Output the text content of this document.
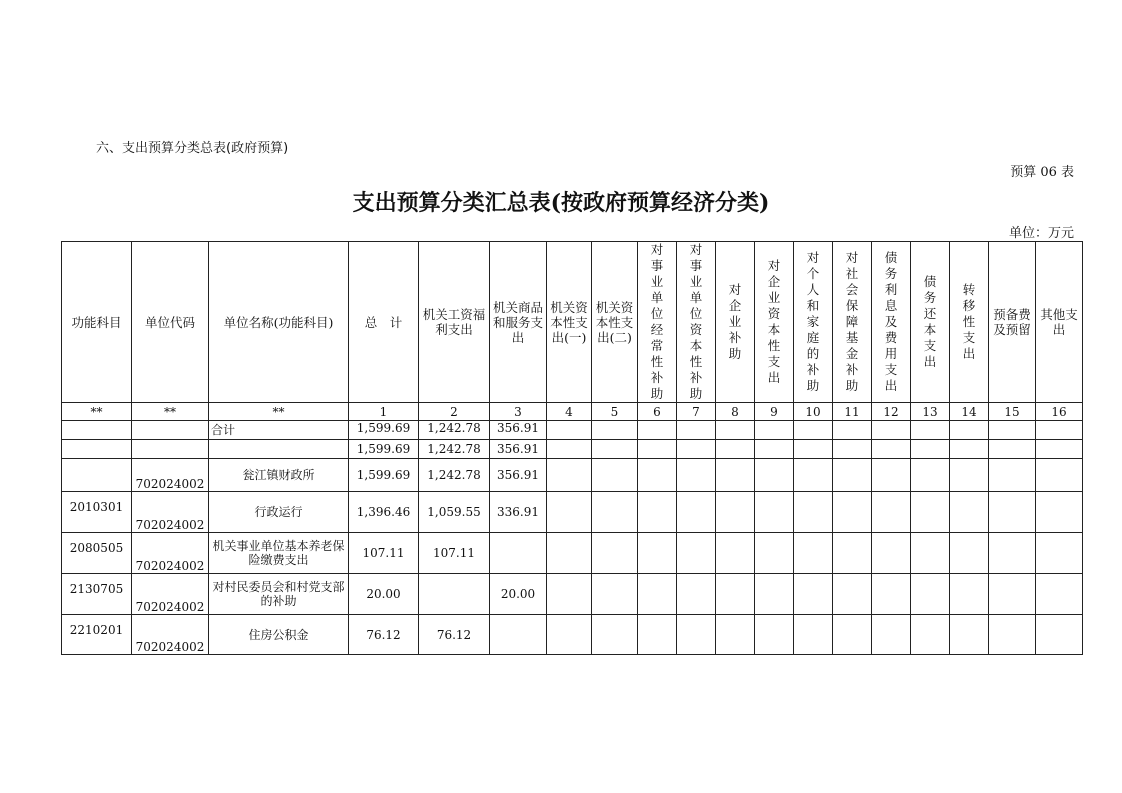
六、支出预算分类总表(政府预算)
预算 06 表
支出预算分类汇总表(按政府预算经济分类)
单位：万元
功能科目	单位代码	单位名称(功能科目)	总　计	机关工资福利支出	机关商品和服务支出	机关资本性支出(一)	机关资本性支出(二)	对事业单位经常性补助	对事业单位资本性补助	对企业补助	对企业资本性支出	对个人和家庭的补助	对社会保障基金补助	债务利息及费用支出	债务还本支出	转移性支出	预备费及预留	其他支出
**	**	**	1	2	3	4	5	6	7	8	9	10	11	12	13	14	15	16
		合计	1,599.69	1,242.78	356.91													
			1,599.69	1,242.78	356.91													
	702024002	瓮江镇财政所	1,599.69	1,242.78	356.91													
2010301	702024002	行政运行	1,396.46	1,059.55	336.91													
2080505	702024002	机关事业单位基本养老保险缴费支出	107.11	107.11														
2130705	702024002	对村民委员会和村党支部的补助	20.00		20.00													
2210201	702024002	住房公积金	76.12	76.12														
